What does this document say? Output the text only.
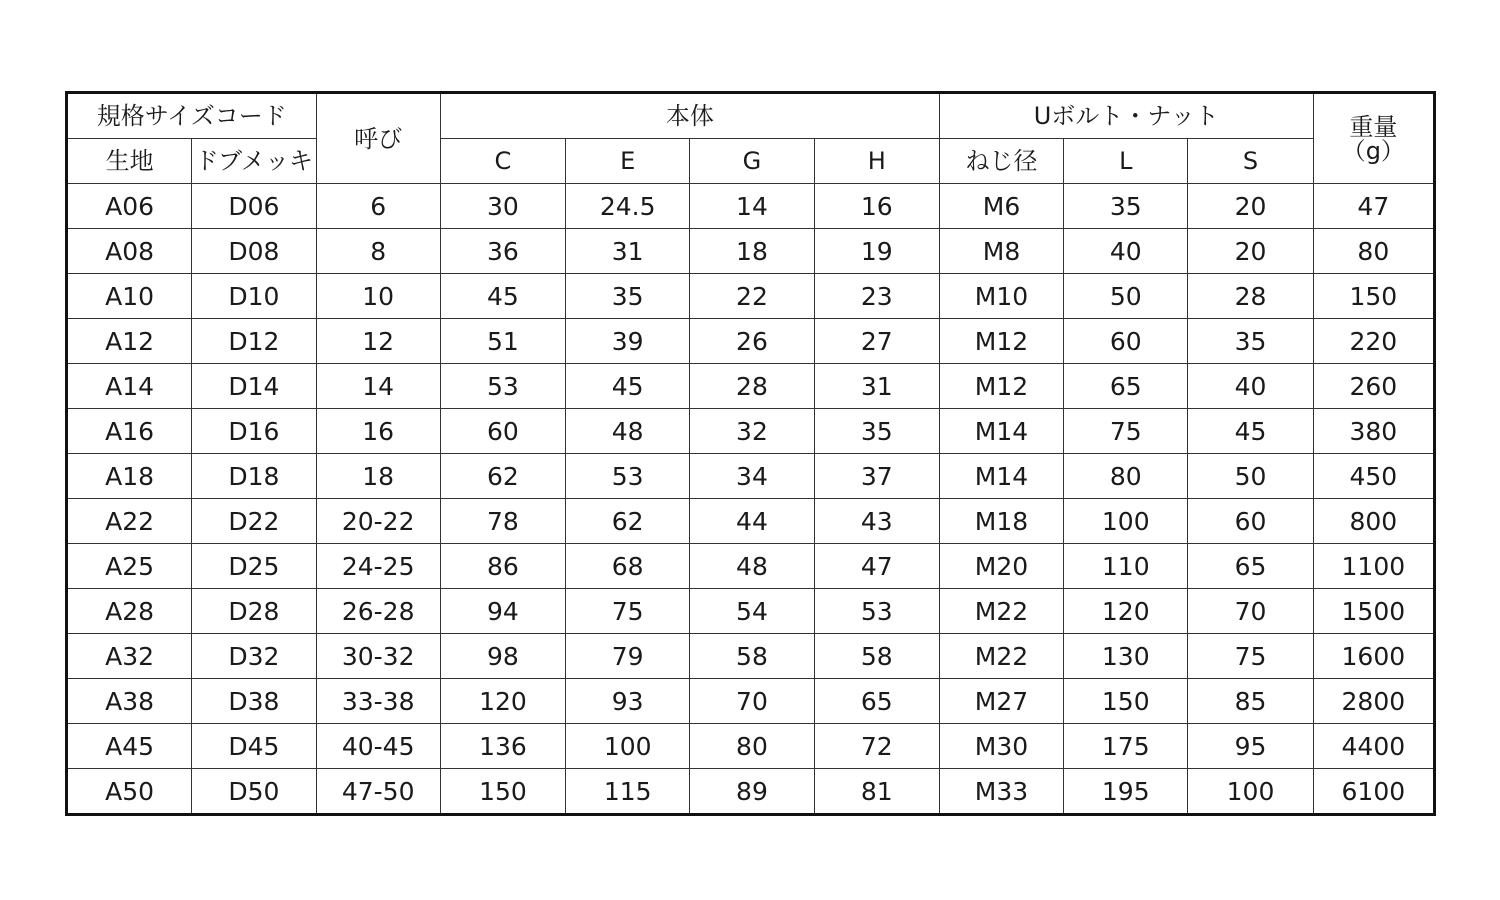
規格サイズコード		呼び	本体				Uボルト・ナット			重量
（g）

生地	ドブメッキ		C	E	G	H	ねじ径	L	S	
A06	D06	6	30	24.5	14	16	M6	35	20	47
A08	D08	8	36	31	18	19	M8	40	20	80
A10	D10	10	45	35	22	23	M10	50	28	150
A12	D12	12	51	39	26	27	M12	60	35	220
A14	D14	14	53	45	28	31	M12	65	40	260
A16	D16	16	60	48	32	35	M14	75	45	380
A18	D18	18	62	53	34	37	M14	80	50	450
A22	D22	20-22	78	62	44	43	M18	100	60	800
A25	D25	24-25	86	68	48	47	M20	110	65	1100
A28	D28	26-28	94	75	54	53	M22	120	70	1500
A32	D32	30-32	98	79	58	58	M22	130	75	1600
A38	D38	33-38	120	93	70	65	M27	150	85	2800
A45	D45	40-45	136	100	80	72	M30	175	95	4400
A50	D50	47-50	150	115	89	81	M33	195	100	6100
